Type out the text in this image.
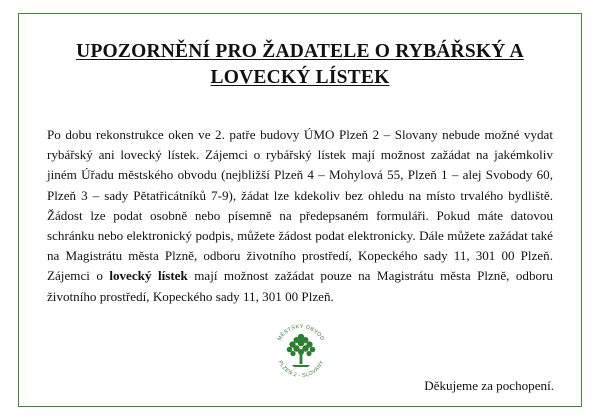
UPOZORNĚNÍ PRO ŽADATELE O RYBÁŘSKÝ A
LOVECKÝ LÍSTEK

Po dobu rekonstrukce oken ve 2. patře budovy ÚMO Plzeň 2 – Slovany nebude možné vydat rybářský ani lovecký lístek. Zájemci o rybářský lístek mají možnost zažádat na jakémkoliv jiném Úřadu městského obvodu (nejbližší Plzeň 4 – Mohylová 55, Plzeň 1 – alej Svobody 60, Plzeň 3 – sady Pětatřicátníků 7-9), žádat lze kdekoliv bez ohledu na místo trvalého bydliště. Žádost lze podat osobně nebo písemně na předepsaném formuláři. Pokud máte datovou schránku nebo elektronický podpis, můžete žádost podat elektronicky. Dále můžete zažádat také na Magistrátu města Plzně, odboru životního prostředí, Kopeckého sady 11, 301 00 Plzeň. Zájemci o lovecký lístek mají možnost zažádat pouze na Magistrátu města Plzně, odboru životního prostředí, Kopeckého sady 11, 301 00 Plzeň.

MĚSTSKÝ OBVOD
PLZEŇ 2 - SLOVANY

Děkujeme za pochopení.
